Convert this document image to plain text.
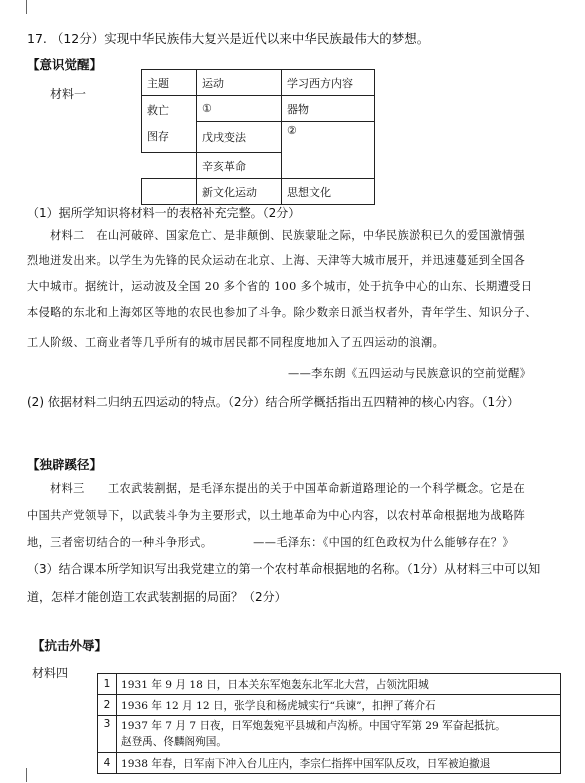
17. （12分）实现中华民族伟大复兴是近代以来中华民族最伟大的梦想。
【意识觉醒】
材料一
主题	运动	学习西方内容

救亡
图存	①	器物
	戊戌变法	②
	辛亥革命	
	新文化运动	思想文化
（1）据所学知识将材料一的表格补充完整。（2分）
材料二　在山河破碎、国家危亡、是非颠倒、民族蒙耻之际，中华民族淤积已久的爱国激情强
烈地迸发出来。以学生为先锋的民众运动在北京、上海、天津等大城市展开，并迅速蔓延到全国各
大中城市。据统计，运动波及全国 20 多个省的 100 多个城市，处于抗争中心的山东、长期遭受日
本侵略的东北和上海郊区等地的农民也参加了斗争。除少数亲日派当权者外，青年学生、知识分子、
工人阶级、工商业者等几乎所有的城市居民都不同程度地加入了五四运动的浪潮。
——李东朗《五四运动与民族意识的空前觉醒》
(2) 依据材料二归纳五四运动的特点。（2分）结合所学概括指出五四精神的核心内容。（1分）
【独辟蹊径】
材料三　　工农武装割据，是毛泽东提出的关于中国革命新道路理论的一个科学概念。它是在
中国共产党领导下，以武装斗争为主要形式，以土地革命为中心内容，以农村革命根据地为战略阵
地，三者密切结合的一种斗争形式。　　　　——毛泽东：《中国的红色政权为什么能够存在？》
（3）结合课本所学知识写出我党建立的第一个农村革命根据地的名称。（1分）从材料三中可以知
道，怎样才能创造工农武装割据的局面？（2分）
【抗击外辱】
材料四
1	1931 年 9 月 18 日，日本关东军炮轰东北军北大营，占领沈阳城
2	1936 年 12 月 12 日，张学良和杨虎城实行“兵谏”，扣押了蒋介石
3	1937 年 7 月 7 日夜，日军炮轰宛平县城和卢沟桥。中国守军第 29 军奋起抵抗。
赵登禹、佟麟阁殉国。

4	1938 年春，日军南下冲入台儿庄内，李宗仁指挥中国军队反攻，日军被迫撤退
